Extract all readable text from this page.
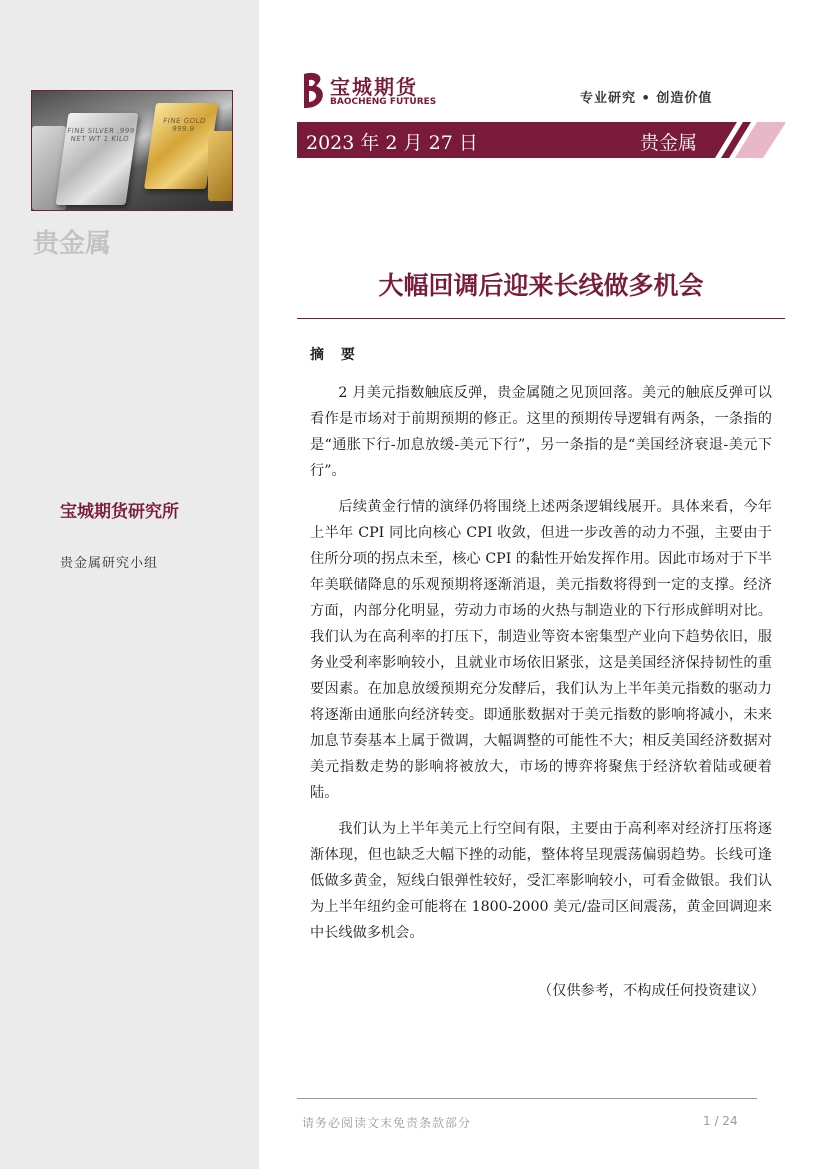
FINE SILVER .999 NET WT 1 KILO
FINE GOLD 999.9
贵金属
宝城期货研究所
贵金属研究小组
宝城期货
BAOCHENG FUTURES	专业研究 • 创造价值
2023 年 2 月 27 日	贵金属
大幅回调后迎来长线做多机会
摘 要

2 月美元指数触底反弹，贵金属随之见顶回落。美元的触底反弹可以看作是市场对于前期预期的修正。这里的预期传导逻辑有两条，一条指的是“通胀下行-加息放缓-美元下行”，另一条指的是“美国经济衰退-美元下行”。

后续黄金行情的演绎仍将围绕上述两条逻辑线展开。具体来看，今年上半年 CPI 同比向核心 CPI 收敛，但进一步改善的动力不强，主要由于住所分项的拐点未至，核心 CPI 的黏性开始发挥作用。因此市场对于下半年美联储降息的乐观预期将逐渐消退，美元指数将得到一定的支撑。经济方面，内部分化明显，劳动力市场的火热与制造业的下行形成鲜明对比。我们认为在高利率的打压下，制造业等资本密集型产业向下趋势依旧，服务业受利率影响较小，且就业市场依旧紧张，这是美国经济保持韧性的重要因素。在加息放缓预期充分发酵后，我们认为上半年美元指数的驱动力将逐渐由通胀向经济转变。即通胀数据对于美元指数的影响将减小，未来加息节奏基本上属于微调，大幅调整的可能性不大；相反美国经济数据对美元指数走势的影响将被放大，市场的博弈将聚焦于经济软着陆或硬着陆。

我们认为上半年美元上行空间有限，主要由于高利率对经济打压将逐渐体现，但也缺乏大幅下挫的动能，整体将呈现震荡偏弱趋势。长线可逢低做多黄金，短线白银弹性较好，受汇率影响较小，可看金做银。我们认为上半年纽约金可能将在 1800-2000 美元/盎司区间震荡，黄金回调迎来中长线做多机会。

（仅供参考，不构成任何投资建议）
请务必阅读文末免责条款部分	1 / 24
